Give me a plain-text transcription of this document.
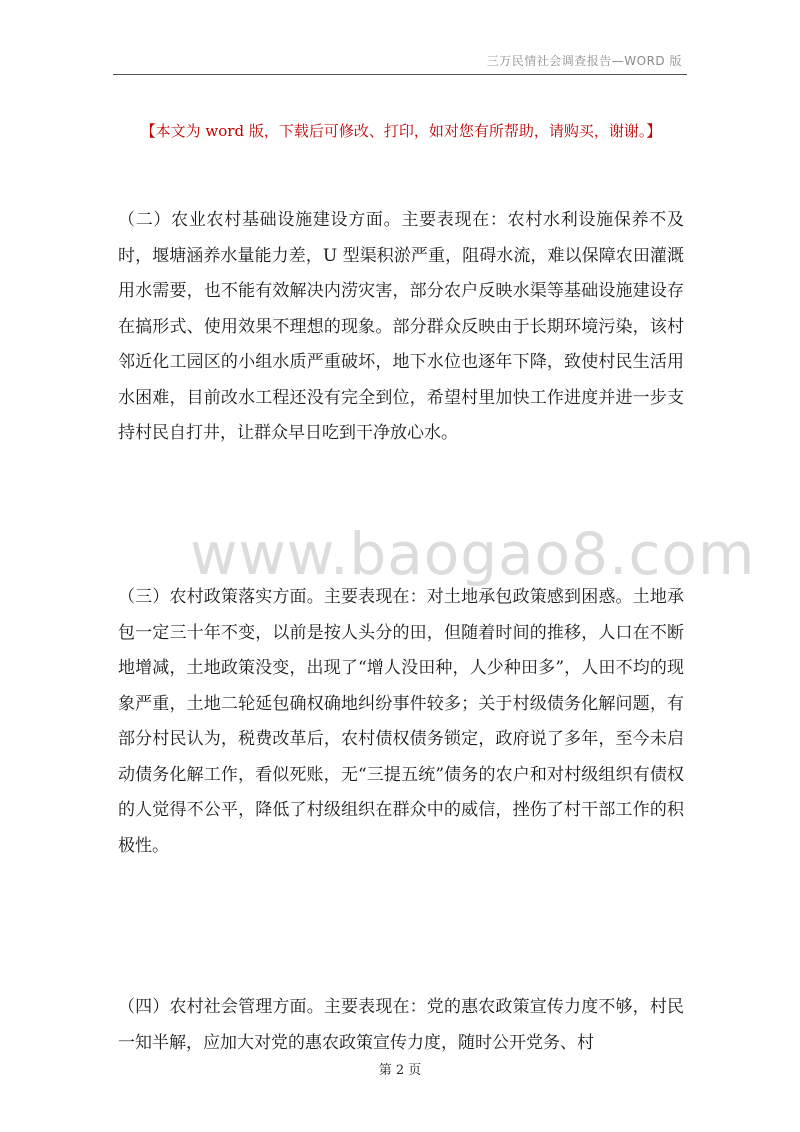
三万民情社会调查报告—WORD 版
【本文为 word 版，下载后可修改、打印，如对您有所帮助，请购买，谢谢。】
www.baogao8.com

（二）农业农村基础设施建设方面。主要表现在：农村水利设施保养不及时，堰塘涵养水量能力差，U 型渠积淤严重，阻碍水流，难以保障农田灌溉用水需要，也不能有效解决内涝灾害，部分农户反映水渠等基础设施建设存在搞形式、使用效果不理想的现象。部分群众反映由于长期环境污染，该村邻近化工园区的小组水质严重破坏，地下水位也逐年下降，致使村民生活用水困难，目前改水工程还没有完全到位，希望村里加快工作进度并进一步支持村民自打井，让群众早日吃到干净放心水。

（三）农村政策落实方面。主要表现在：对土地承包政策感到困惑。土地承包一定三十年不变，以前是按人头分的田，但随着时间的推移，人口在不断地增减，土地政策没变，出现了“增人没田种，人少种田多”，人田不均的现象严重，土地二轮延包确权确地纠纷事件较多；关于村级债务化解问题，有部分村民认为，税费改革后，农村债权债务锁定，政府说了多年，至今未启动债务化解工作，看似死账，无“三提五统”债务的农户和对村级组织有债权的人觉得不公平，降低了村级组织在群众中的威信，挫伤了村干部工作的积极性。

（四）农村社会管理方面。主要表现在：党的惠农政策宣传力度不够，村民一知半解，应加大对党的惠农政策宣传力度，随时公开党务、村

第 2 页
